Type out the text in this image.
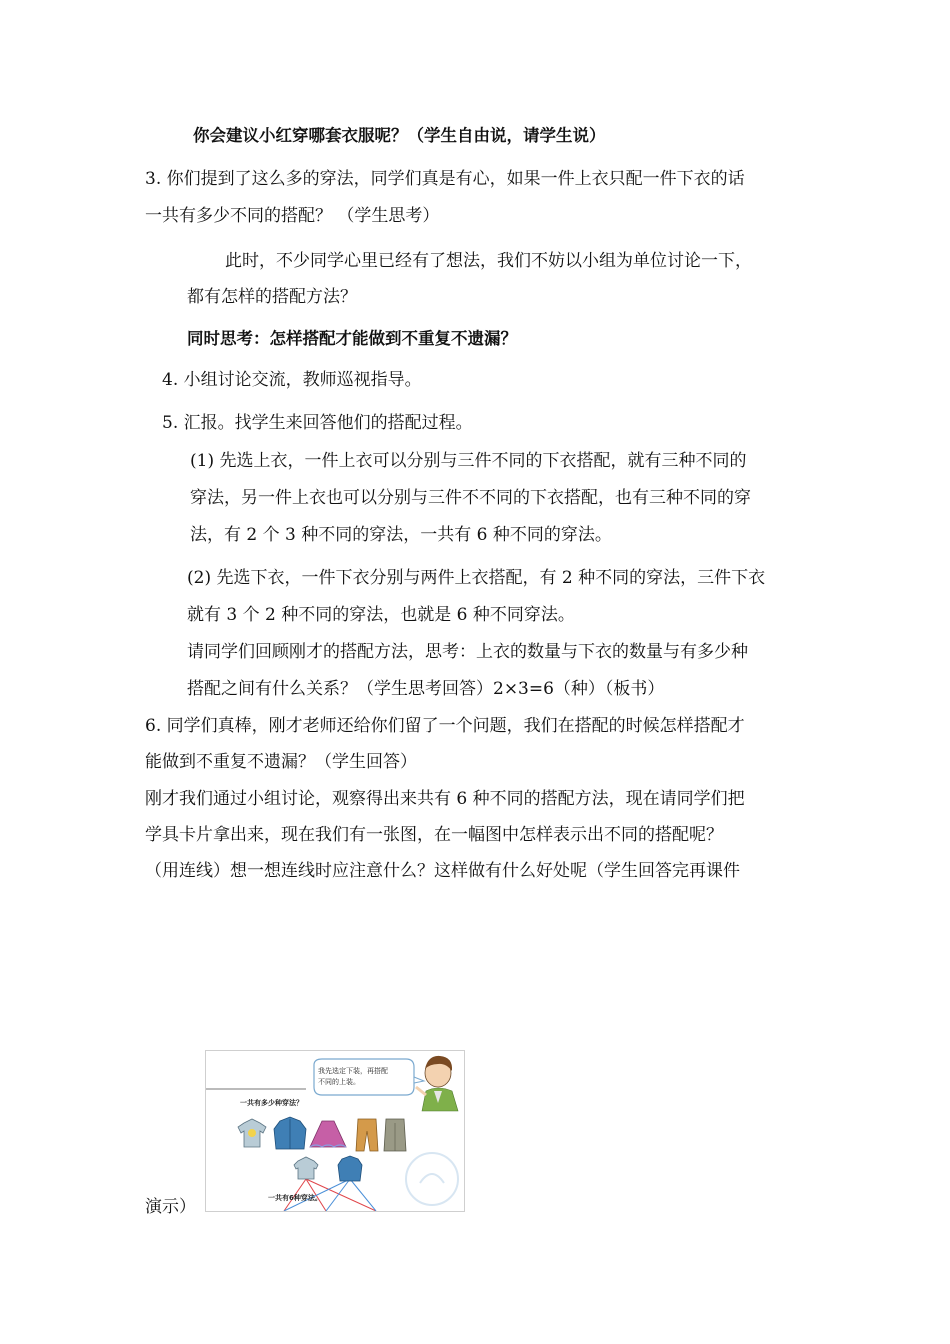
你会建议小红穿哪套衣服呢？（学生自由说，请学生说）
3. 你们提到了这么多的穿法，同学们真是有心，如果一件上衣只配一件下衣的话
一共有多少不同的搭配？ （学生思考）
此时，不少同学心里已经有了想法，我们不妨以小组为单位讨论一下，
都有怎样的搭配方法？
同时思考：怎样搭配才能做到不重复不遗漏？
4. 小组讨论交流，教师巡视指导。
5. 汇报。找学生来回答他们的搭配过程。
(1) 先选上衣，一件上衣可以分别与三件不同的下衣搭配，就有三种不同的
穿法，另一件上衣也可以分别与三件不不同的下衣搭配，也有三种不同的穿
法，有 2 个 3 种不同的穿法，一共有 6 种不同的穿法。
(2) 先选下衣，一件下衣分别与两件上衣搭配，有 2 种不同的穿法，三件下衣
就有 3 个 2 种不同的穿法，也就是 6 种不同穿法。
请同学们回顾刚才的搭配方法，思考：上衣的数量与下衣的数量与有多少种
搭配之间有什么关系？（学生思考回答）2×3=6（种）（板书）
6. 同学们真棒，刚才老师还给你们留了一个问题，我们在搭配的时候怎样搭配才
能做到不重复不遗漏？（学生回答）
刚才我们通过小组讨论，观察得出来共有 6 种不同的搭配方法，现在请同学们把
学具卡片拿出来，现在我们有一张图，在一幅图中怎样表示出不同的搭配呢？
（用连线）想一想连线时应注意什么？这样做有什么好处呢（学生回答完再课件
演示）
我先选定下装，再搭配
不同的上装。
一共有多少种穿法？
一共有6种穿法。
